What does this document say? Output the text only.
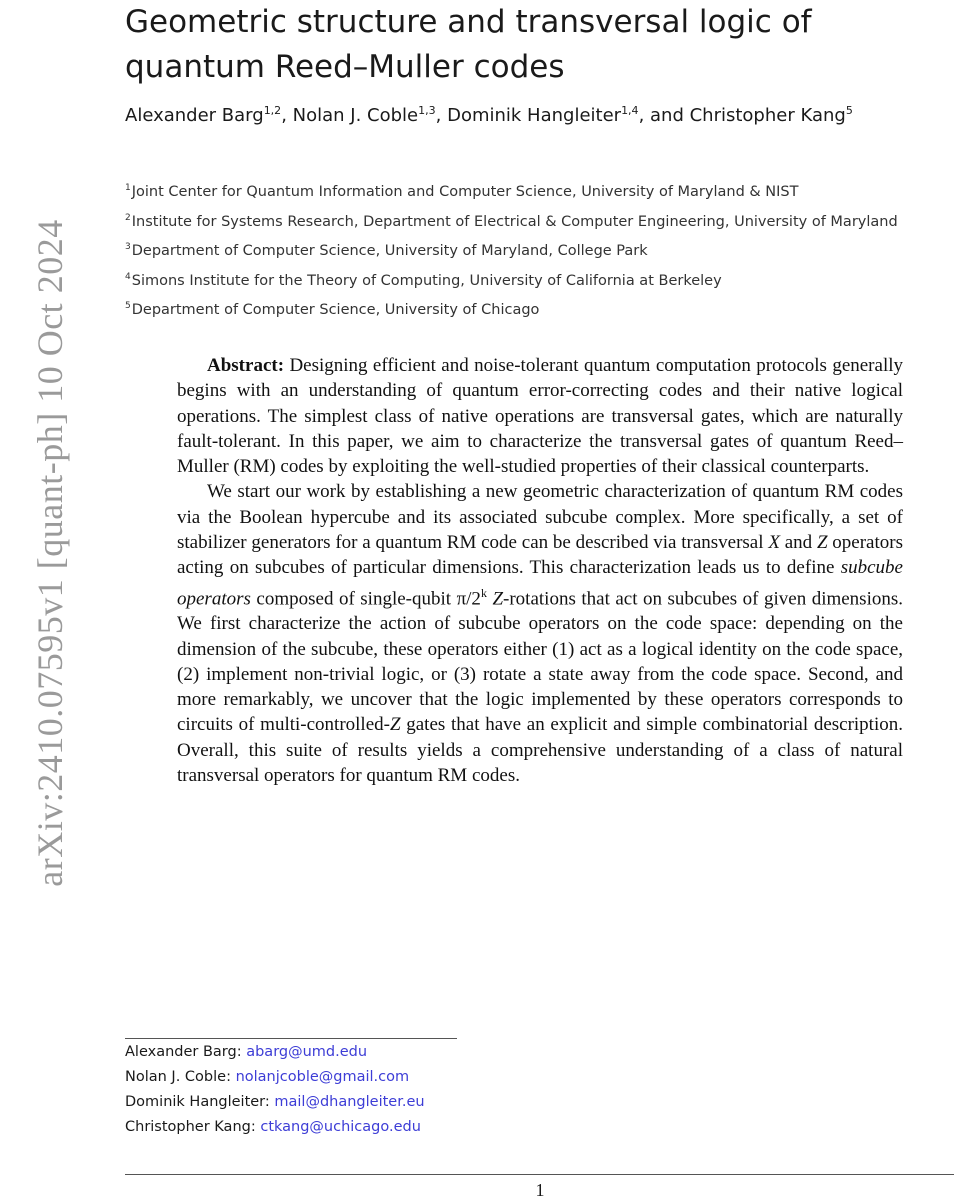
arXiv:2410.07595v1 [quant-ph] 10 Oct 2024
Geometric structure and transversal logic of quantum Reed–Muller codes
Alexander Barg$^{1,2}$, Nolan J. Coble$^{1,3}$, Dominik Hangleiter$^{1,4}$, and Christopher Kang$^5$
$^1$Joint Center for Quantum Information and Computer Science, University of Maryland & NIST
$^2$Institute for Systems Research, Department of Electrical & Computer Engineering, University of Maryland
$^3$Department of Computer Science, University of Maryland, College Park
$^4$Simons Institute for the Theory of Computing, University of California at Berkeley
$^5$Department of Computer Science, University of Chicago

Abstract: Designing efficient and noise-tolerant quantum computation protocols generally begins with an understanding of quantum error-correcting codes and their native logical operations. The simplest class of native operations are transversal gates, which are naturally fault-tolerant. In this paper, we aim to characterize the transversal gates of quantum Reed–Muller (RM) codes by exploiting the well-studied properties of their classical counterparts.

We start our work by establishing a new geometric characterization of quantum RM codes via the Boolean hypercube and its associated subcube complex. More specifically, a set of stabilizer generators for a quantum RM code can be described via transversal X and Z operators acting on subcubes of particular dimensions. This characterization leads us to define subcube operators composed of single-qubit π/2$^k$ Z-rotations that act on subcubes of given dimensions. We first characterize the action of subcube operators on the code space: depending on the dimension of the subcube, these operators either (1) act as a logical identity on the code space, (2) implement non-trivial logic, or (3) rotate a state away from the code space. Second, and more remarkably, we uncover that the logic implemented by these operators corresponds to circuits of multi-controlled-Z gates that have an explicit and simple combinatorial description. Overall, this suite of results yields a comprehensive understanding of a class of natural transversal operators for quantum RM codes.

Alexander Barg: abarg@umd.edu
Nolan J. Coble: nolanjcoble@gmail.com
Dominik Hangleiter: mail@dhangleiter.eu
Christopher Kang: ctkang@uchicago.edu
1
